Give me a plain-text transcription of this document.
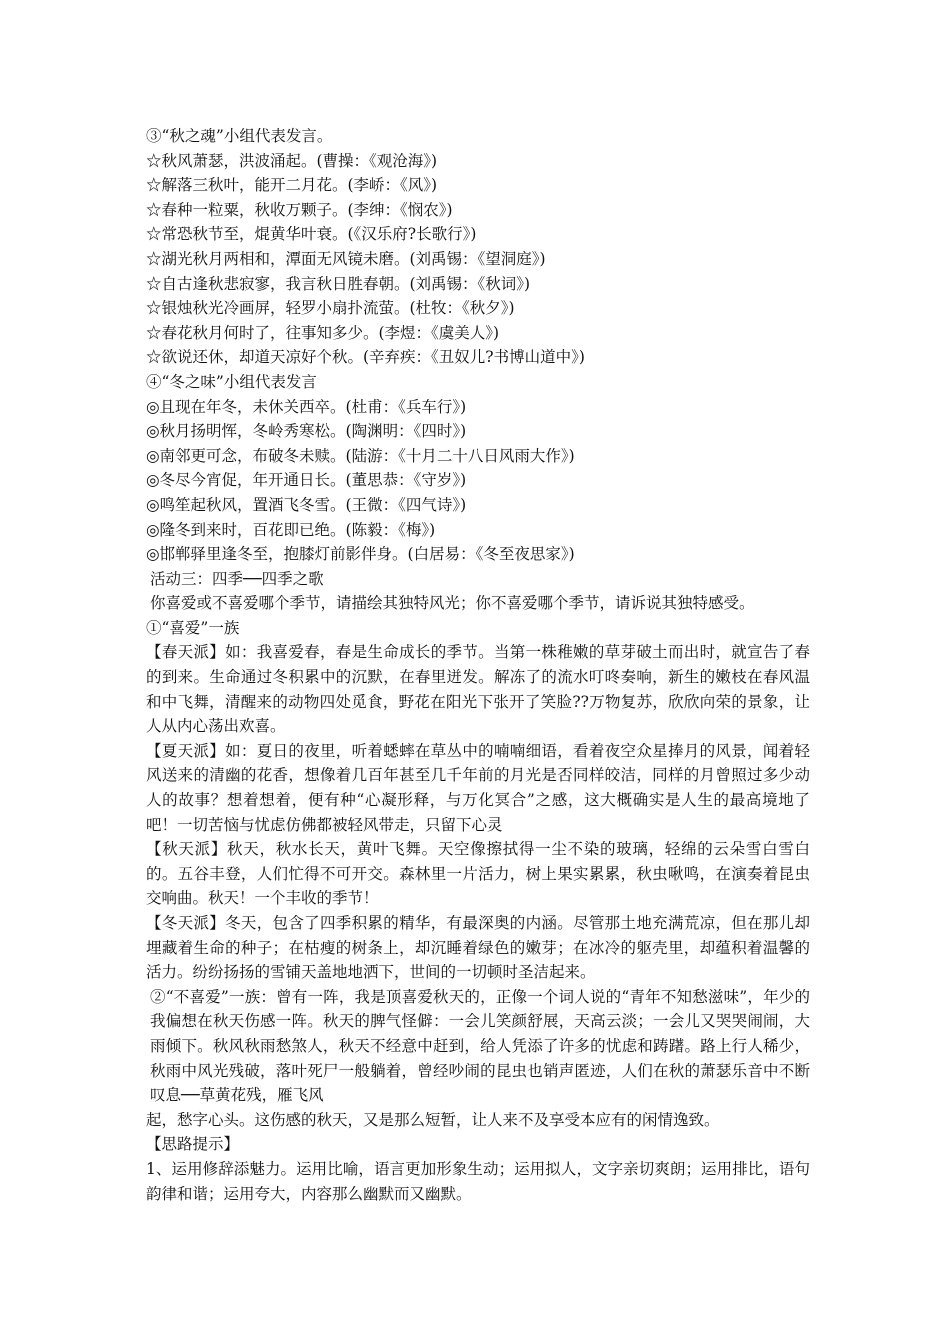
③“秋之魂”小组代表发言。
☆秋风萧瑟，洪波涌起。(曹操：《观沧海》)
☆解落三秋叶，能开二月花。(李峤：《风》)
☆春种一粒粟，秋收万颗子。(李绅：《悯农》)
☆常恐秋节至，焜黄华叶衰。(《汉乐府?长歌行》)
☆湖光秋月两相和，潭面无风镜未磨。(刘禹锡：《望洞庭》)
☆自古逢秋悲寂寥，我言秋日胜春朝。(刘禹锡：《秋词》)
☆银烛秋光冷画屏，轻罗小扇扑流萤。(杜牧：《秋夕》)
☆春花秋月何时了，往事知多少。(李煜：《虞美人》)
☆欲说还休，却道天凉好个秋。(辛弃疾：《丑奴儿?书博山道中》)
④“冬之味”小组代表发言
◎且现在年冬，未休关西卒。(杜甫：《兵车行》)
◎秋月扬明恽，冬岭秀寒松。(陶渊明：《四时》)
◎南邻更可念，布破冬未赎。(陆游：《十月二十八日风雨大作》)
◎冬尽今宵促，年开通日长。(董思恭：《守岁》)
◎鸣笙起秋风，置酒飞冬雪。(王微：《四气诗》)
◎隆冬到来时，百花即已绝。(陈毅：《梅》)
◎邯郸驿里逢冬至，抱膝灯前影伴身。(白居易：《冬至夜思家》)
活动三：四季──四季之歌
你喜爱或不喜爱哪个季节，请描绘其独特风光；你不喜爱哪个季节，请诉说其独特感受。
①“喜爱”一族

【春天派】如：我喜爱春，春是生命成长的季节。当第一株稚嫩的草芽破土而出时，就宣告了春的到来。生命通过冬积累中的沉默，在春里迸发。解冻了的流水叮咚奏响，新生的嫩枝在春风温和中飞舞，清醒来的动物四处觅食，野花在阳光下张开了笑脸??万物复苏，欣欣向荣的景象，让人从内心荡出欢喜。

【夏天派】如：夏日的夜里，听着蟋蟀在草丛中的喃喃细语，看着夜空众星捧月的风景，闻着轻风送来的清幽的花香，想像着几百年甚至几千年前的月光是否同样皎洁，同样的月曾照过多少动人的故事？想着想着，便有种“心凝形释，与万化冥合”之感，这大概确实是人生的最高境地了吧！一切苦恼与忧虑仿佛都被轻风带走，只留下心灵

【秋天派】秋天，秋水长天，黄叶飞舞。天空像擦拭得一尘不染的玻璃，轻绵的云朵雪白雪白的。五谷丰登，人们忙得不可开交。森林里一片活力，树上果实累累，秋虫啾鸣，在演奏着昆虫交响曲。秋天！一个丰收的季节！

【冬天派】冬天，包含了四季积累的精华，有最深奥的内涵。尽管那土地充满荒凉，但在那儿却埋藏着生命的种子；在枯瘦的树条上，却沉睡着绿色的嫩芽；在冰冷的躯壳里，却蕴积着温馨的活力。纷纷扬扬的雪铺天盖地地洒下，世间的一切顿时圣洁起来。

②“不喜爱”一族：曾有一阵，我是顶喜爱秋天的，正像一个词人说的“青年不知愁滋味”，年少的我偏想在秋天伤感一阵。秋天的脾气怪僻：一会儿笑颜舒展，天高云淡；一会儿又哭哭闹闹，大雨倾下。秋风秋雨愁煞人，秋天不经意中赶到，给人凭添了许多的忧虑和踌躇。路上行人稀少，秋雨中风光残破，落叶死尸一般躺着，曾经吵闹的昆虫也销声匿迹，人们在秋的萧瑟乐音中不断叹息──草黄花残，雁飞风

起，愁字心头。这伤感的秋天，又是那么短暂，让人来不及享受本应有的闲情逸致。

【思路提示】

1、运用修辞添魅力。运用比喻，语言更加形象生动；运用拟人，文字亲切爽朗；运用排比，语句韵律和谐；运用夸大，内容那么幽默而又幽默。
